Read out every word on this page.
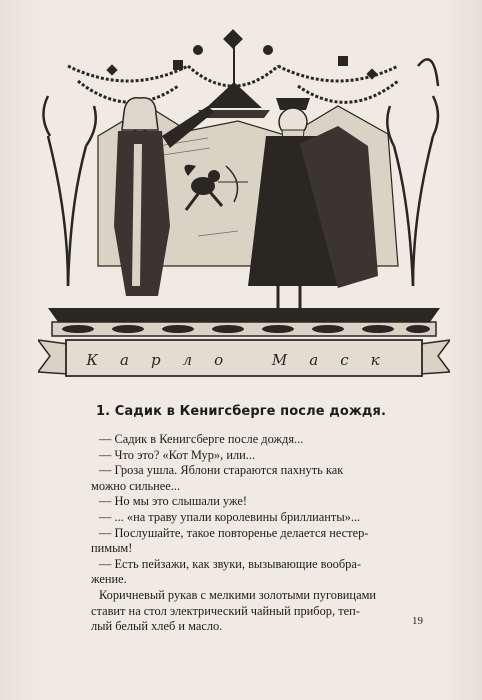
Карло Маск
1. Садик в Кенигсберге после дождя.
— Садик в Кенигсберге после дождя...
— Что это? «Кот Мур», или...
— Гроза ушла. Яблони стараются пахнуть как
можно сильнее...
— Но мы это слышали уже!
— ... «на траву упали королевины бриллианты»...
— Послушайте, такое повторенье делается нестер-
пимым!
— Есть пейзажи, как звуки, вызывающие вообра-
жение.
Коричневый рукав с мелкими золотыми пуговицами
ставит на стол электрический чайный прибор, теп-
лый белый хлеб и масло.	19
